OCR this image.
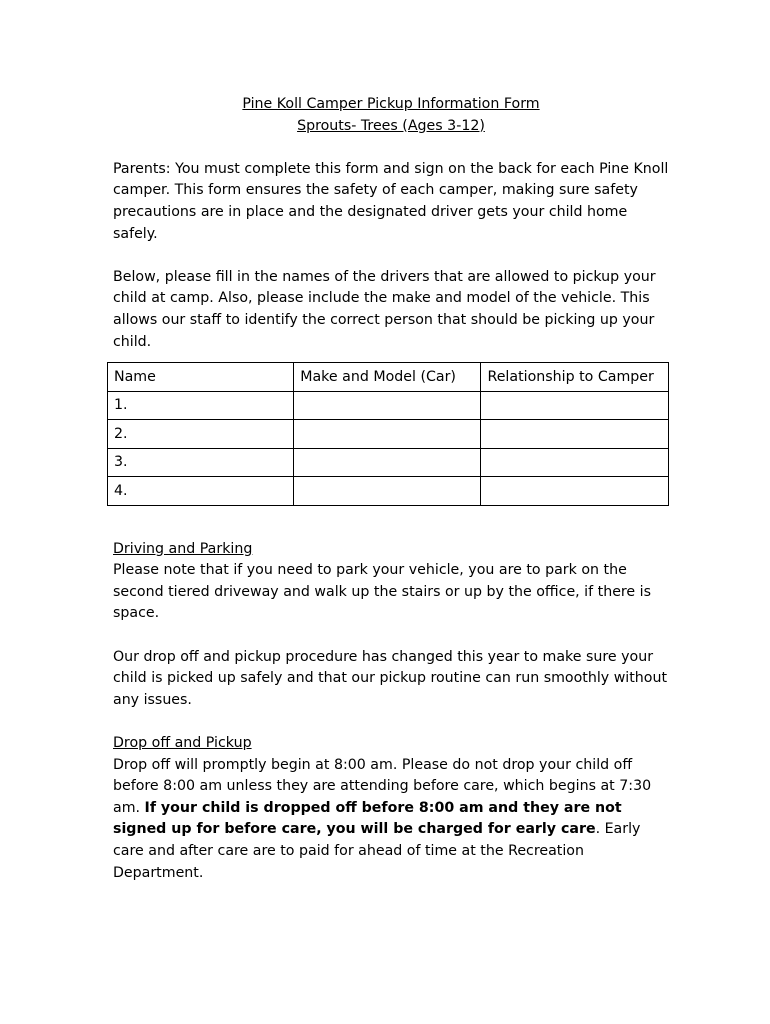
Pine Koll Camper Pickup Information Form

Sprouts- Trees (Ages 3-12)

Parents: You must complete this form and sign on the back for each Pine Knoll camper. This form ensures the safety of each camper, making sure safety precautions are in place and the designated driver gets your child home safely.

Below, please fill in the names of the drivers that are allowed to pickup your child at camp. Also, please include the make and model of the vehicle. This allows our staff to identify the correct person that should be picking up your child.

Name	Make and Model (Car)	Relationship to Camper
1.		
2.		
3.		
4.		

Driving and Parking

Please note that if you need to park your vehicle, you are to park on the second tiered driveway and walk up the stairs or up by the office, if there is space.

Our drop off and pickup procedure has changed this year to make sure your child is picked up safely and that our pickup routine can run smoothly without any issues.

Drop off and Pickup

Drop off will promptly begin at 8:00 am. Please do not drop your child off before 8:00 am unless they are attending before care, which begins at 7:30 am. If your child is dropped off before 8:00 am and they are not signed up for before care, you will be charged for early care. Early care and after care are to paid for ahead of time at the Recreation Department.
